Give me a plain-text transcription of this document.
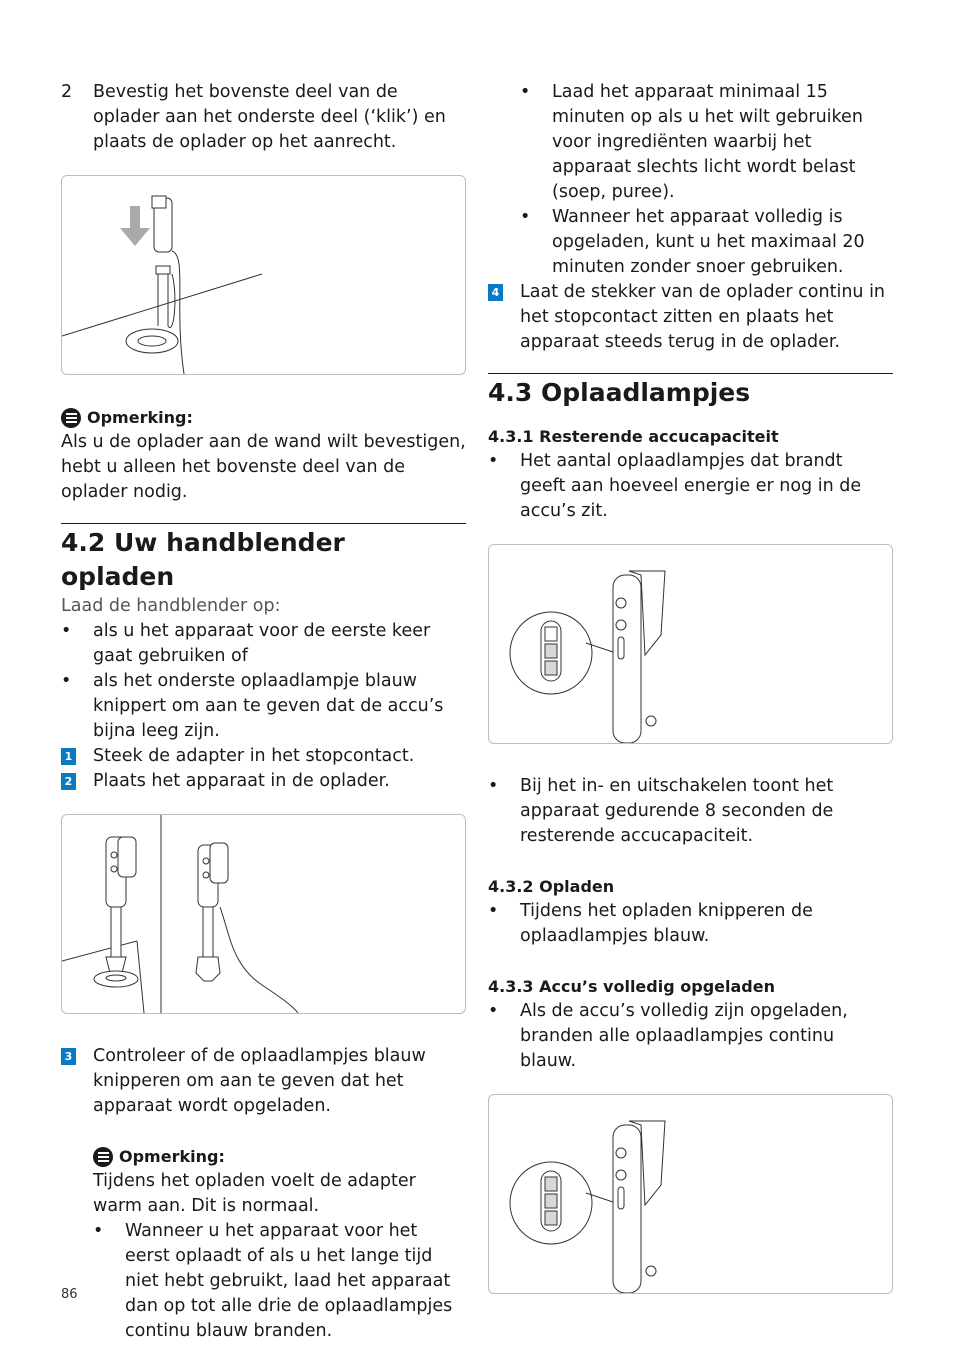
2	Bevestig het bovenste deel van de oplader aan het onderste deel (‘klik’) en plaats de oplader op het aanrecht.
Opmerking:

Als u de oplader aan de wand wilt bevestigen, hebt u alleen het bovenste deel van de oplader nodig.

4.2 Uw handblender opladen

Laad de handblender op:

•	als u het apparaat voor de eerste keer gaat gebruiken of
•	als het onderste oplaadlampje blauw knippert om aan te geven dat de accu’s bijna leeg zijn.
1 Steek de adapter in het stopcontact.
2 Plaats het apparaat in de oplader.
3 Controleer of de oplaadlampjes blauw knipperen om aan te geven dat het apparaat wordt opgeladen.
Opmerking:

Tijdens het opladen voelt de adapter warm aan. Dit is normaal.

•	Wanneer u het apparaat voor het eerst oplaadt of als u het lange tijd niet hebt gebruikt, laad het apparaat dan op tot alle drie de oplaadlampjes continu blauw branden.
86
•	Laad het apparaat minimaal 15 minuten op als u het wilt gebruiken voor ingrediënten waarbij het apparaat slechts licht wordt belast (soep, puree).
•	Wanneer het apparaat volledig is opgeladen, kunt u het maximaal 20 minuten zonder snoer gebruiken.
4 Laat de stekker van de oplader continu in het stopcontact zitten en plaats het apparaat steeds terug in de oplader.
4.3 Oplaadlampjes
4.3.1 Resterende accucapaciteit
•	Het aantal oplaadlampjes dat brandt geeft aan hoeveel energie er nog in de accu’s zit.
•	Bij het in- en uitschakelen toont het apparaat gedurende 8 seconden de resterende accucapaciteit.
4.3.2 Opladen
•	Tijdens het opladen knipperen de oplaadlampjes blauw.
4.3.3 Accu’s volledig opgeladen
•	Als de accu’s volledig zijn opgeladen, branden alle oplaadlampjes continu blauw.
